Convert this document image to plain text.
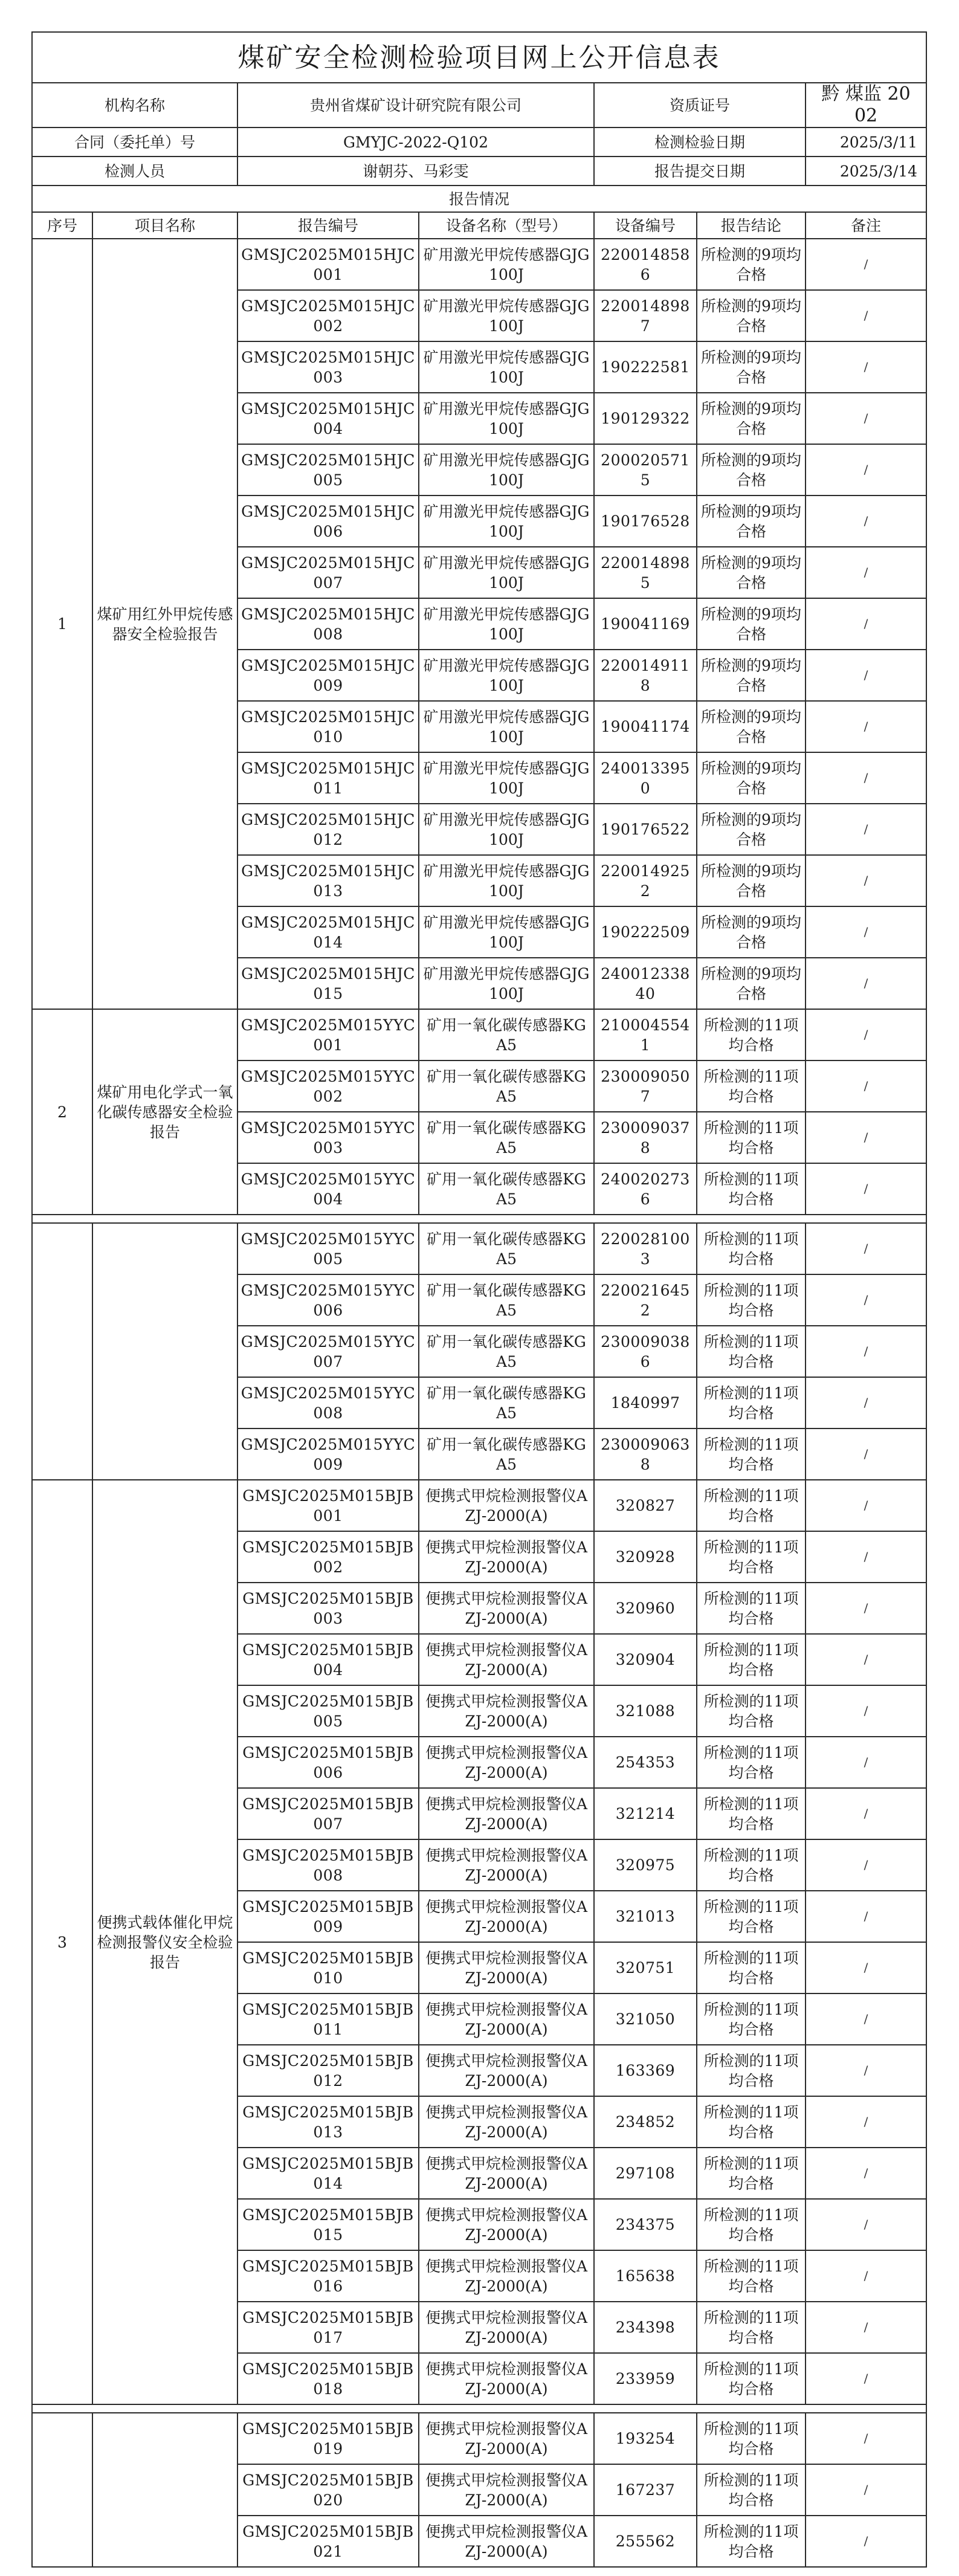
煤矿安全检测检验项目网上公开信息表						
机构名称		贵州省煤矿设计研究院有限公司		资质证号		黔 煤监 20 02
合同（委托单）号		GMYJC-2022-Q102		检测检验日期		2025/3/11
检测人员		谢朝芬、马彩雯		报告提交日期		2025/3/14
报告情况						
序号	项目名称	报告编号	设备名称（型号）	设备编号	报告结论	备注
1	煤矿用红外甲烷传感器安全检验报告	GMSJC2025M015HJC001	矿用激光甲烷传感器GJG100J	2200148586	所检测的9项均合格	/
		GMSJC2025M015HJC002	矿用激光甲烷传感器GJG100J	2200148987	所检测的9项均合格	/
		GMSJC2025M015HJC003	矿用激光甲烷传感器GJG100J	190222581	所检测的9项均合格	/
		GMSJC2025M015HJC004	矿用激光甲烷传感器GJG100J	190129322	所检测的9项均合格	/
		GMSJC2025M015HJC005	矿用激光甲烷传感器GJG100J	2000205715	所检测的9项均合格	/
		GMSJC2025M015HJC006	矿用激光甲烷传感器GJG100J	190176528	所检测的9项均合格	/
		GMSJC2025M015HJC007	矿用激光甲烷传感器GJG100J	2200148985	所检测的9项均合格	/
		GMSJC2025M015HJC008	矿用激光甲烷传感器GJG100J	190041169	所检测的9项均合格	/
		GMSJC2025M015HJC009	矿用激光甲烷传感器GJG100J	2200149118	所检测的9项均合格	/
		GMSJC2025M015HJC010	矿用激光甲烷传感器GJG100J	190041174	所检测的9项均合格	/
		GMSJC2025M015HJC011	矿用激光甲烷传感器GJG100J	2400133950	所检测的9项均合格	/
		GMSJC2025M015HJC012	矿用激光甲烷传感器GJG100J	190176522	所检测的9项均合格	/
		GMSJC2025M015HJC013	矿用激光甲烷传感器GJG100J	2200149252	所检测的9项均合格	/
		GMSJC2025M015HJC014	矿用激光甲烷传感器GJG100J	190222509	所检测的9项均合格	/
		GMSJC2025M015HJC015	矿用激光甲烷传感器GJG100J	24001233840	所检测的9项均合格	/
2	煤矿用电化学式一氧化碳传感器安全检验报告	GMSJC2025M015YYC001	矿用一氧化碳传感器KGA5	2100045541	所检测的11项均合格	/
		GMSJC2025M015YYC002	矿用一氧化碳传感器KGA5	2300090507	所检测的11项均合格	/
		GMSJC2025M015YYC003	矿用一氧化碳传感器KGA5	2300090378	所检测的11项均合格	/
		GMSJC2025M015YYC004	矿用一氧化碳传感器KGA5	2400202736	所检测的11项均合格	/

		GMSJC2025M015YYC005	矿用一氧化碳传感器KGA5	2200281003	所检测的11项均合格	/
		GMSJC2025M015YYC006	矿用一氧化碳传感器KGA5	2200216452	所检测的11项均合格	/
		GMSJC2025M015YYC007	矿用一氧化碳传感器KGA5	2300090386	所检测的11项均合格	/
		GMSJC2025M015YYC008	矿用一氧化碳传感器KGA5	1840997	所检测的11项均合格	/
		GMSJC2025M015YYC009	矿用一氧化碳传感器KGA5	2300090638	所检测的11项均合格	/
3	便携式载体催化甲烷检测报警仪安全检验报告	GMSJC2025M015BJB001	便携式甲烷检测报警仪AZJ-2000(A)	320827	所检测的11项均合格	/
		GMSJC2025M015BJB002	便携式甲烷检测报警仪AZJ-2000(A)	320928	所检测的11项均合格	/
		GMSJC2025M015BJB003	便携式甲烷检测报警仪AZJ-2000(A)	320960	所检测的11项均合格	/
		GMSJC2025M015BJB004	便携式甲烷检测报警仪AZJ-2000(A)	320904	所检测的11项均合格	/
		GMSJC2025M015BJB005	便携式甲烷检测报警仪AZJ-2000(A)	321088	所检测的11项均合格	/
		GMSJC2025M015BJB006	便携式甲烷检测报警仪AZJ-2000(A)	254353	所检测的11项均合格	/
		GMSJC2025M015BJB007	便携式甲烷检测报警仪AZJ-2000(A)	321214	所检测的11项均合格	/
		GMSJC2025M015BJB008	便携式甲烷检测报警仪AZJ-2000(A)	320975	所检测的11项均合格	/
		GMSJC2025M015BJB009	便携式甲烷检测报警仪AZJ-2000(A)	321013	所检测的11项均合格	/
		GMSJC2025M015BJB010	便携式甲烷检测报警仪AZJ-2000(A)	320751	所检测的11项均合格	/
		GMSJC2025M015BJB011	便携式甲烷检测报警仪AZJ-2000(A)	321050	所检测的11项均合格	/
		GMSJC2025M015BJB012	便携式甲烷检测报警仪AZJ-2000(A)	163369	所检测的11项均合格	/
		GMSJC2025M015BJB013	便携式甲烷检测报警仪AZJ-2000(A)	234852	所检测的11项均合格	/
		GMSJC2025M015BJB014	便携式甲烷检测报警仪AZJ-2000(A)	297108	所检测的11项均合格	/
		GMSJC2025M015BJB015	便携式甲烷检测报警仪AZJ-2000(A)	234375	所检测的11项均合格	/
		GMSJC2025M015BJB016	便携式甲烷检测报警仪AZJ-2000(A)	165638	所检测的11项均合格	/
		GMSJC2025M015BJB017	便携式甲烷检测报警仪AZJ-2000(A)	234398	所检测的11项均合格	/
		GMSJC2025M015BJB018	便携式甲烷检测报警仪AZJ-2000(A)	233959	所检测的11项均合格	/

		GMSJC2025M015BJB019	便携式甲烷检测报警仪AZJ-2000(A)	193254	所检测的11项均合格	/
		GMSJC2025M015BJB020	便携式甲烷检测报警仪AZJ-2000(A)	167237	所检测的11项均合格	/
		GMSJC2025M015BJB021	便携式甲烷检测报警仪AZJ-2000(A)	255562	所检测的11项均合格	/
